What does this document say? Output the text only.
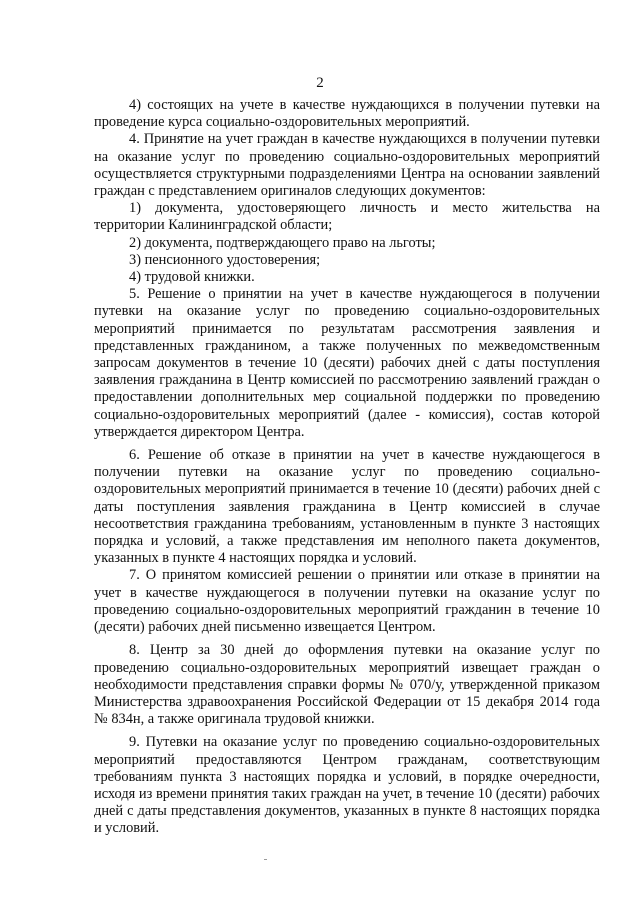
2

4) состоящих на учете в качестве нуждающихся в получении путевки на проведение курса социально-оздоровительных мероприятий.

4. Принятие на учет граждан в качестве нуждающихся в получении путевки на оказание услуг по проведению социально-оздоровительных мероприятий осуществляется структурными подразделениями Центра на основании заявлений граждан с представлением оригиналов следующих документов:

1) документа, удостоверяющего личность и место жительства на территории Калининградской области;

2) документа, подтверждающего право на льготы;

3) пенсионного удостоверения;

4) трудовой книжки.

5. Решение о принятии на учет в качестве нуждающегося в получении путевки на оказание услуг по проведению социально-оздоровительных мероприятий принимается по результатам рассмотрения заявления и представленных гражданином, а также полученных по межведомственным запросам документов в течение 10 (десяти) рабочих дней с даты поступления заявления гражданина в Центр комиссией по рассмотрению заявлений граждан о предоставлении дополнительных мер социальной поддержки по проведению социально-оздоровительных мероприятий (далее - комиссия), состав которой утверждается директором Центра.

6. Решение об отказе в принятии на учет в качестве нуждающегося в получении путевки на оказание услуг по проведению социально-оздоровительных мероприятий принимается в течение 10 (десяти) рабочих дней с даты поступления заявления гражданина в Центр комиссией в случае несоответствия гражданина требованиям, установленным в пункте 3 настоящих порядка и условий, а также представления им неполного пакета документов, указанных в пункте 4 настоящих порядка и условий.

7. О принятом комиссией решении о принятии или отказе в принятии на учет в качестве нуждающегося в получении путевки на оказание услуг по проведению социально-оздоровительных мероприятий гражданин в течение 10 (десяти) рабочих дней письменно извещается Центром.

8. Центр за 30 дней до оформления путевки на оказание услуг по проведению социально-оздоровительных мероприятий извещает граждан о необходимости представления справки формы № 070/у, утвержденной приказом Министерства здравоохранения Российской Федерации от 15 декабря 2014 года № 834н, а также оригинала трудовой книжки.

9. Путевки на оказание услуг по проведению социально-оздоровительных мероприятий предоставляются Центром гражданам, соответствующим требованиям пункта 3 настоящих порядка и условий, в порядке очередности, исходя из времени принятия таких граждан на учет, в течение 10 (десяти) рабочих дней с даты представления документов, указанных в пункте 8 настоящих порядка и условий.
